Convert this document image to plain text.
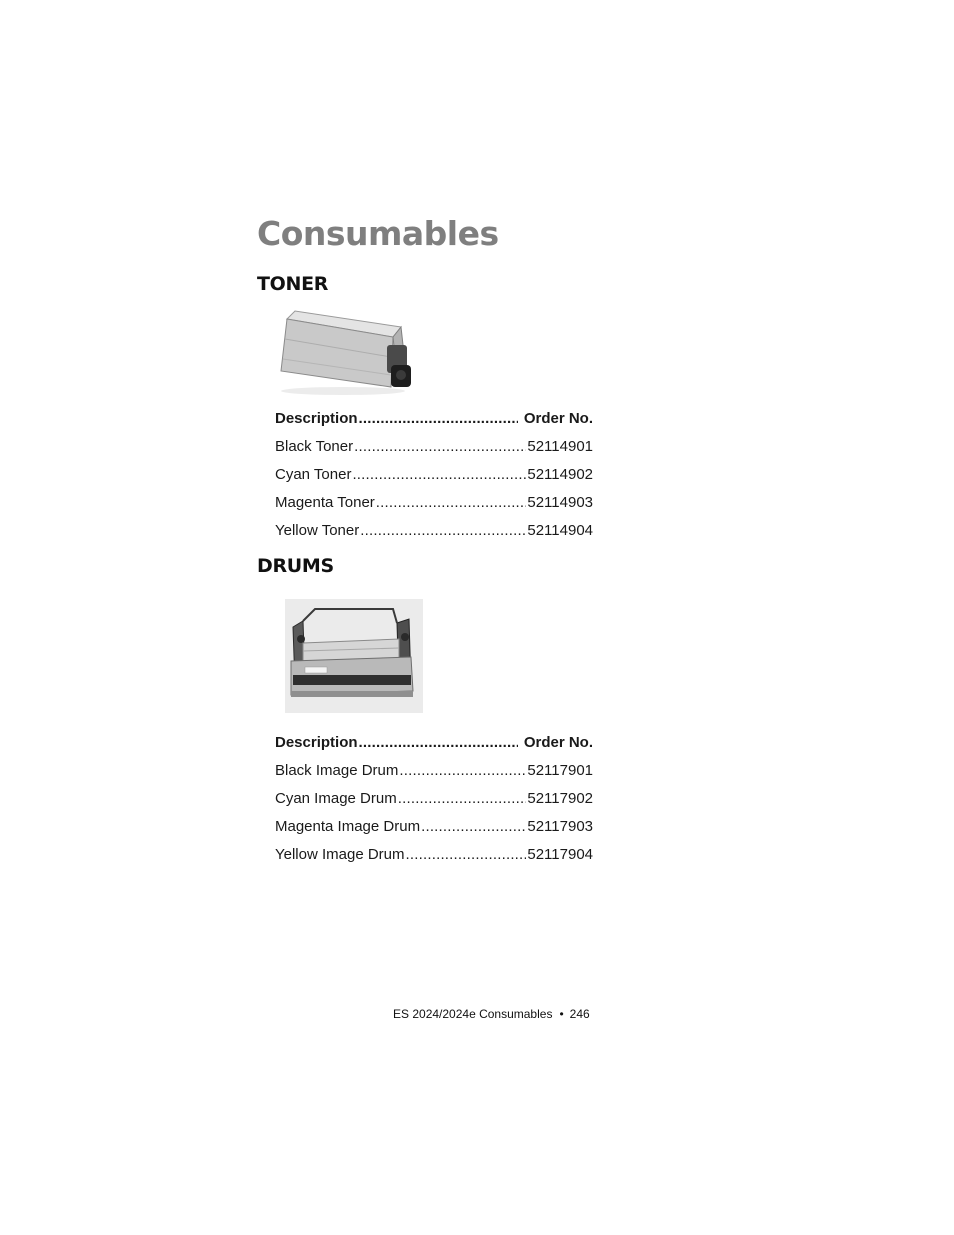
Consumables
TONER
Description .....	Order No.
Black Toner .....	52114901
Cyan Toner .....	52114902
Magenta Toner .....	52114903
Yellow Toner .....	52114904
DRUMS
Description .....	Order No.
Black Image Drum .....	52117901
Cyan Image Drum .....	52117902
Magenta Image Drum .....	52117903
Yellow Image Drum .....	52117904
ES 2024/2024e Consumables • 246
